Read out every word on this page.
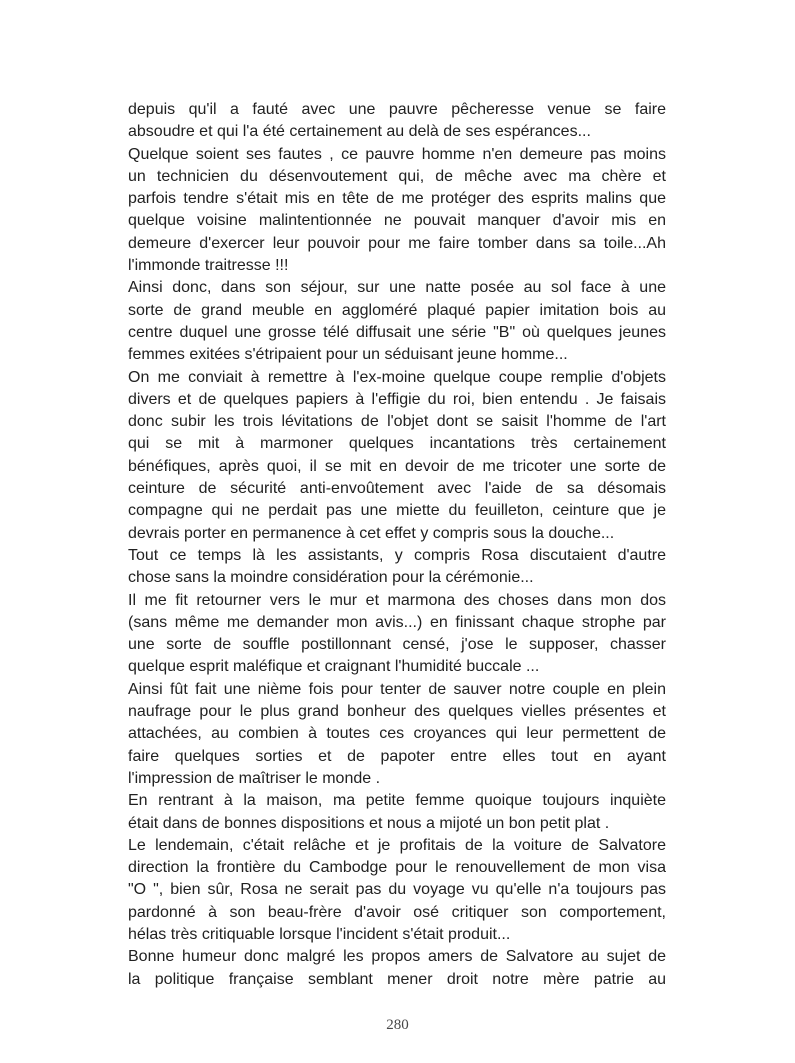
depuis qu'il a fauté avec une pauvre pêcheresse venue se faire
absoudre et qui l'a été certainement au delà de ses espérances...
Quelque soient ses fautes , ce pauvre homme n'en demeure pas moins
un technicien du désenvoutement qui, de mêche avec ma chère et
parfois tendre s'était mis en tête de me protéger des esprits malins que
quelque voisine malintentionnée ne pouvait manquer d'avoir mis en
demeure d'exercer leur pouvoir pour me faire tomber dans sa toile...Ah
l'immonde traitresse !!!
Ainsi donc, dans son séjour, sur une natte posée au sol face à une
sorte de grand meuble en aggloméré plaqué papier imitation bois au
centre duquel une grosse télé diffusait une série "B" où quelques jeunes
femmes exitées s'étripaient pour un séduisant jeune homme...
On me conviait à remettre à l'ex-moine quelque coupe remplie d'objets
divers et de quelques papiers à l'effigie du roi, bien entendu . Je faisais
donc subir les trois lévitations de l'objet dont se saisit l'homme de l'art
qui se mit à marmoner quelques incantations très certainement
bénéfiques, après quoi, il se mit en devoir de me tricoter une sorte de
ceinture de sécurité anti-envoûtement avec l'aide de sa désomais
compagne qui ne perdait pas une miette du feuilleton, ceinture que je
devrais porter en permanence à cet effet y compris sous la douche...
Tout ce temps là les assistants, y compris Rosa discutaient d'autre
chose sans la moindre considération pour la cérémonie...
Il me fit retourner vers le mur et marmona des choses dans mon dos
(sans même me demander mon avis...) en finissant chaque strophe par
une sorte de souffle postillonnant censé, j'ose le supposer, chasser
quelque esprit maléfique et craignant l'humidité buccale ...
Ainsi fût fait une nième fois pour tenter de sauver notre couple en plein
naufrage pour le plus grand bonheur des quelques vielles présentes et
attachées, au combien à toutes ces croyances qui leur permettent de
faire quelques sorties et de papoter entre elles tout en ayant
l'impression de maîtriser le monde .
En rentrant à la maison, ma petite femme quoique toujours inquiète
était dans de bonnes dispositions et nous a mijoté un bon petit plat .
Le lendemain, c'était relâche et je profitais de la voiture de Salvatore
direction la frontière du Cambodge pour le renouvellement de mon visa
"O ", bien sûr, Rosa ne serait pas du voyage vu qu'elle n'a toujours pas
pardonné à son beau-frère d'avoir osé critiquer son comportement,
hélas très critiquable lorsque l'incident s'était produit...
Bonne humeur donc malgré les propos amers de Salvatore au sujet de
la politique française semblant mener droit notre mère patrie au
280
